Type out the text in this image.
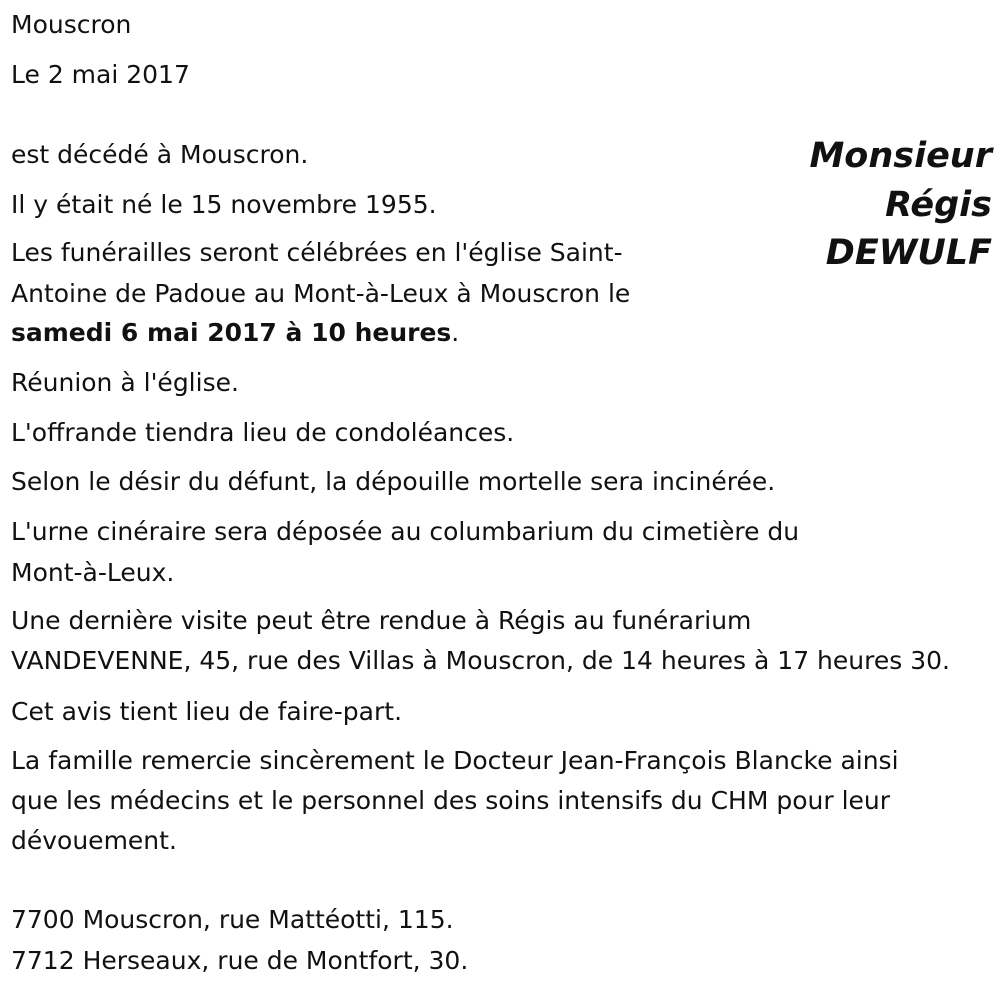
Mouscron
Le 2 mai 2017
Monsieur
Régis
DEWULF
est décédé à Mouscron.
Il y était né le 15 novembre 1955.
Les funérailles seront célébrées en l'église Saint-
Antoine de Padoue au Mont-à-Leux à Mouscron le
samedi 6 mai 2017 à 10 heures.
Réunion à l'église.
L'offrande tiendra lieu de condoléances.
Selon le désir du défunt, la dépouille mortelle sera incinérée.
L'urne cinéraire sera déposée au columbarium du cimetière du
Mont-à-Leux.
Une dernière visite peut être rendue à Régis au funérarium
VANDEVENNE, 45, rue des Villas à Mouscron, de 14 heures à 17 heures 30.
Cet avis tient lieu de faire-part.
La famille remercie sincèrement le Docteur Jean-François Blancke ainsi
que les médecins et le personnel des soins intensifs du CHM pour leur
dévouement.
7700 Mouscron, rue Mattéotti, 115.
7712 Herseaux, rue de Montfort, 30.
